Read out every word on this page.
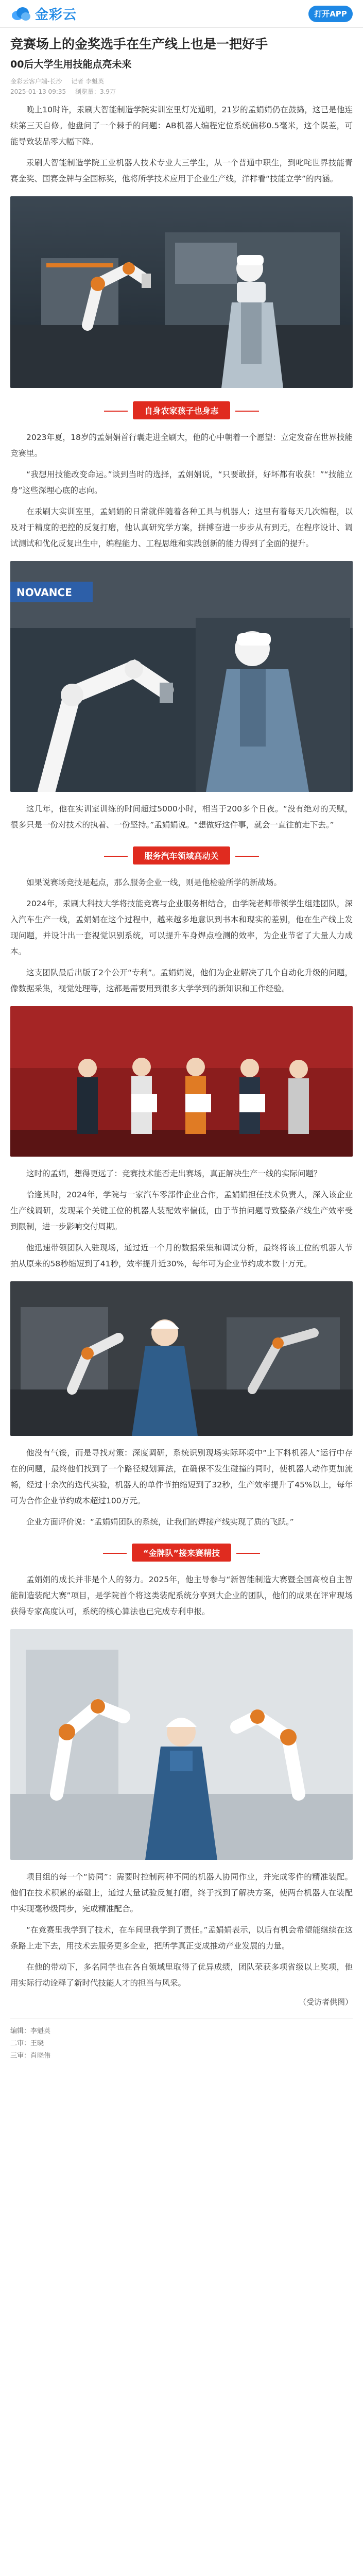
金彩云	打开APP
竞赛场上的金奖选手在生产线上也是一把好手
00后大学生用技能点亮未来
金彩云客户端-长沙 记者 李魁英
2025-01-13 09:35 浏览量：3.9万

晚上10时许，汞刷大智能制造学院实训室里灯光通明，21岁的孟娟娟仍在鼓捣，这已是他连续第三天自修。他盘问了一个棘手的问题：AB机器人编程定位系统偏移0.5毫米，这个误差，可能导致装品零大幅下降。

汞刷大智能制造学院工业机器人技术专业大三学生，从一个普通中职生，到叱咤世界技能青赛金奖、国赛金牌与全国标奖，他将所学技术应用于企业生产线，洋样看“技能立学”的内涵。

自身农家孩子也身志

2023年夏，18岁的孟娟娟首行囊走进全刷大，他的心中朝着一个愿望：立定发奋在世界技能竞赛里。

“我想用技能改变命运。”谈到当时的选择，孟娟娟说，“只要敢拼，好坏都有收获！”“技能立身”这些深埋心底的志向。

在汞刷大实训室里，孟娟娟的日常就伴随着各种工具与机器人；这里有着每天几次编程，以及对于精度的把控的反复打磨，他认真研究学方案，拼搏奋进一步步从有到无，在程序设计、调试测试和优化反复出生中，编程能力、工程思维和实践创新的能力得到了全面的提升。

NOVANCE

这几年，他在实训室训练的时间超过5000小时，相当于200多个日夜。“没有绝对的天赋，很多只是一份对技术的执着、一份坚持。”孟娟娟说。“想做好这件事，就会一直往前走下去。”

服务汽车领域高动关

如果说赛场竞技是起点，那么服务企业一线，则是他检验所学的新战场。

2024年，汞刷大科技大学将技能竞赛与企业服务相结合，由学院老师带领学生组建团队，深入汽车生产一线，孟娟娟在这个过程中，越来越多地意识到书本和现实的差别，他在生产线上发现问题，并设计出一套视觉识别系统，可以提升车身焊点检测的效率，为企业节省了大量人力成本。

这支团队最后出版了2个公开“专利”。孟娟娟说，他们为企业解决了几个自动化升级的问题，像数据采集，视觉处理等，这都是需要用到很多大学学到的新知识和工作经验。

这时的孟娟，想得更远了：竞赛技术能否走出赛场，真正解决生产一线的实际问题？

恰逢其时，2024年，学院与一家汽车零部件企业合作，孟娟娟担任技术负责人，深入该企业生产线调研，发现某个关键工位的机器人装配效率偏低，由于节拍问题导致整条产线生产效率受到限制，进一步影响交付周期。

他迅速带领团队入驻现场，通过近一个月的数据采集和调试分析，最终将该工位的机器人节拍从原来的58秒缩短到了41秒，效率提升近30%，每年可为企业节约成本数十万元。

他没有气馁，而是寻找对策：深度调研，系统识别现场实际环境中“上下料机器人”运行中存在的问题，最终他们找到了一个路径规划算法，在确保不发生碰撞的同时，使机器人动作更加流畅，经过十余次的迭代实验，机器人的单件节拍缩短到了32秒，生产效率提升了45%以上，每年可为合作企业节约成本超过100万元。

企业方面评价说：“孟娟娟团队的系统，让我们的焊接产线实现了质的飞跃。”

“金牌队”接来赛精技

孟娟娟的成长并非是个人的努力。2025年，他主导参与“新智能制造大赛暨全国高校自主智能制造装配大赛”项目，是学院首个将这类装配系统分享到大企业的团队，他们的成果在评审现场获得专家高度认可，系统的核心算法也已完成专利申报。

项目组的每一个“协同”：需要时控制两种不同的机器人协同作业，并完成零件的精准装配。他们在技术积累的基础上，通过大量试验反复打磨，终于找到了解决方案，使两台机器人在装配中实现毫秒级同步，完成精准配合。

“在竞赛里我学到了技术，在车间里我学到了责任。”孟娟娟表示，以后有机会希望能继续在这条路上走下去，用技术去服务更多企业，把所学真正变成推动产业发展的力量。

在他的带动下，多名同学也在各自领域里取得了优异成绩，团队荣获多项省级以上奖项，他用实际行动诠释了新时代技能人才的担当与风采。

（受访者供图）
编辑：李魁英
二审：王晓
三审：肖晓伟
